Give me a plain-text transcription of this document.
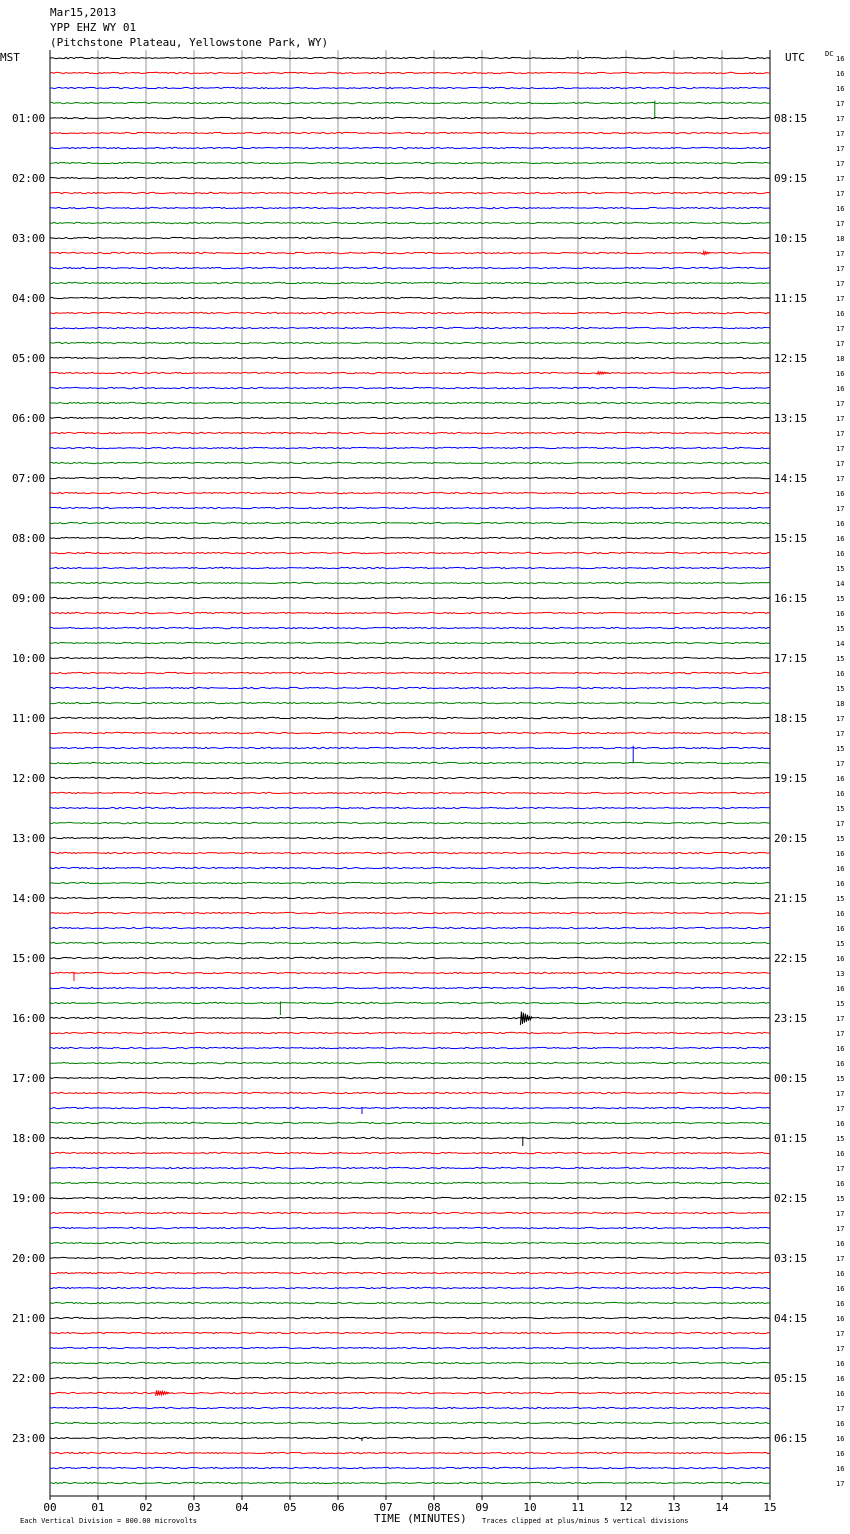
Mar15,2013
YPP EHZ WY 01
(Pitchstone Plateau, Yellowstone Park, WY)
MST	UTC	DC
01:00
02:00
03:00
04:00
05:00
06:00
07:00
08:00
09:00
10:00
11:00
12:00
13:00
14:00
15:00
16:00
17:00
18:00
19:00
20:00
21:00
22:00
23:00
08:15
09:15
10:15
11:15
12:15
13:15
14:15
15:15
16:15
17:15
18:15
19:15
20:15
21:15
22:15
23:15
00:15
01:15
02:15
03:15
04:15
05:15
06:15
16
16
16
17
17
17
17
17
17
17
16
17
18
17
17
17
17
16
17
17
18
16
16
17
17
17
17
17
17
16
17
16
16
16
15
14
15
16
15
14
15
16
15
18
17
17
15
17
16
16
15
17
15
16
16
16
15
16
16
15
16
13
16
15
17
17
16
16
15
17
17
16
15
16
17
16
15
17
17
16
17
16
16
16
16
17
17
16
16
16
17
16
16
16
16
17
00	01	02	03	04	05	06	07	08	09	10	11	12	13	14	15
TIME (MINUTES)
Each Vertical Division = 800.00 microvolts	Traces clipped at plus/minus 5 vertical divisions
